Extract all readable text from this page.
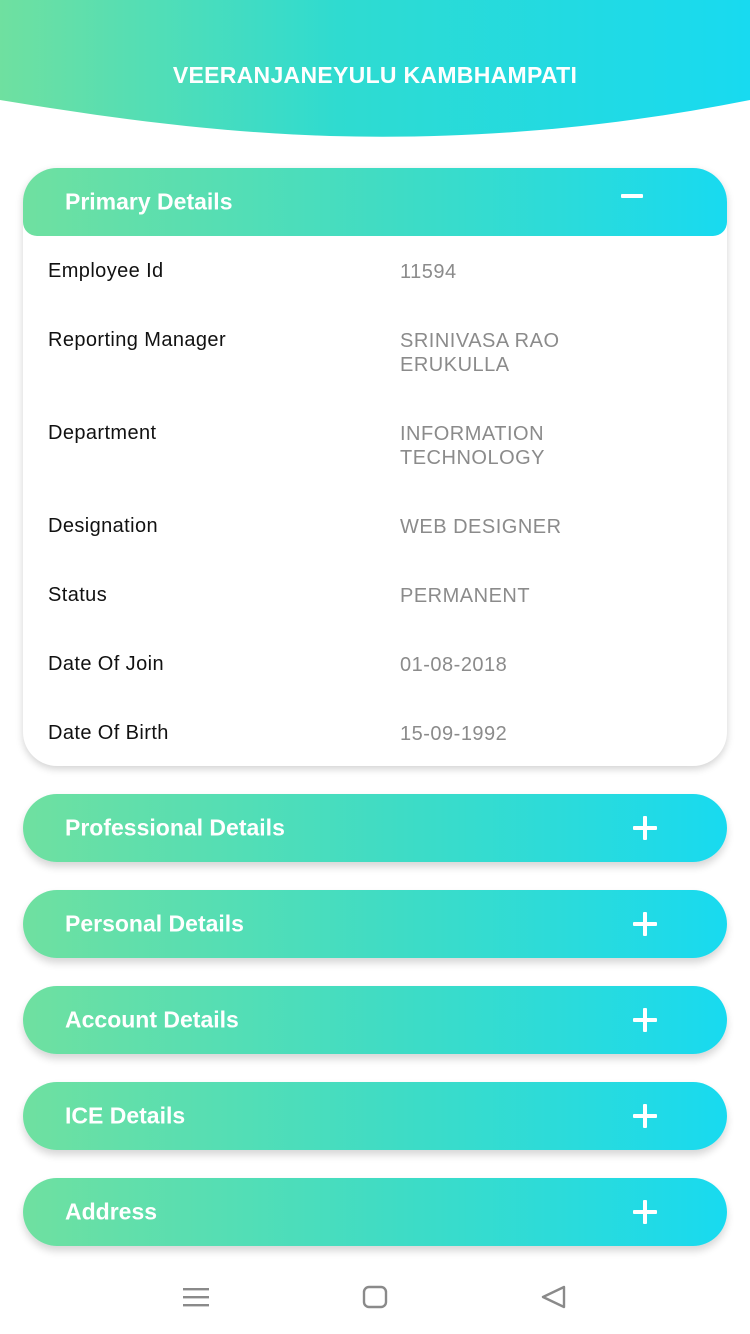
VEERANJANEYULU KAMBHAMPATI
Primary Details
Employee Id	11594
Reporting Manager	SRINIVASA RAO ERUKULLA
Department	INFORMATION TECHNOLOGY
Designation	WEB DESIGNER
Status	PERMANENT
Date Of Join	01-08-2018
Date Of Birth	15-09-1992
Professional Details
Personal Details
Account Details
ICE Details
Address
